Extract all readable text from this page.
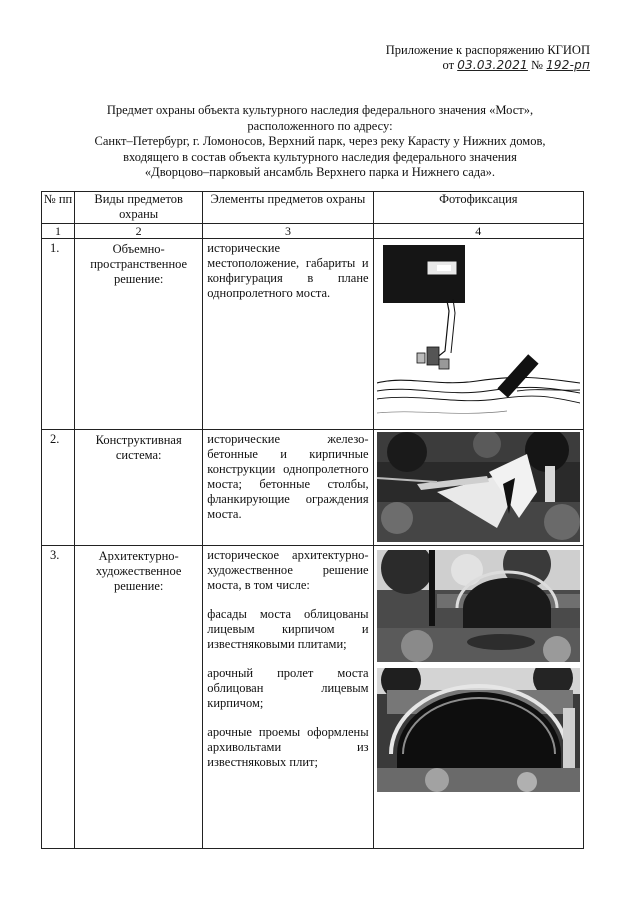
Приложение к распоряжению КГИОП
от 03.03.2021 № 192-рп
Предмет охраны объекта культурного наследия федерального значения «Мост»,
расположенного по адресу:
Санкт–Петербург, г. Ломоносов, Верхний парк, через реку Карасту у Нижних домов,
входящего в состав объекта культурного наследия федерального значения
«Дворцово–парковый ансамбль Верхнего парка и Нижнего сада».
№ пп	Виды предметов охраны	Элементы предметов охраны	Фотофиксация
1	2	3	4
1.	Объемно-пространственное решение:	исторические местоположение, габариты и конфигурация в плане однопролетного моста.

2.	Конструктивная система:	исторические железо-бетонные и кирпичные конструкции однопролетного моста; бетонные столбы, фланкирующие ограждения моста.

3.	Архитектурно-художественное решение:	историческое архитектурно-художественное решение моста, в том числе:

фасады моста облицованы лицевым кирпичом и известняковыми плитами;

арочный пролет моста облицован лицевым кирпичом;

арочные проемы оформлены архивольтами из известняковых плит;
